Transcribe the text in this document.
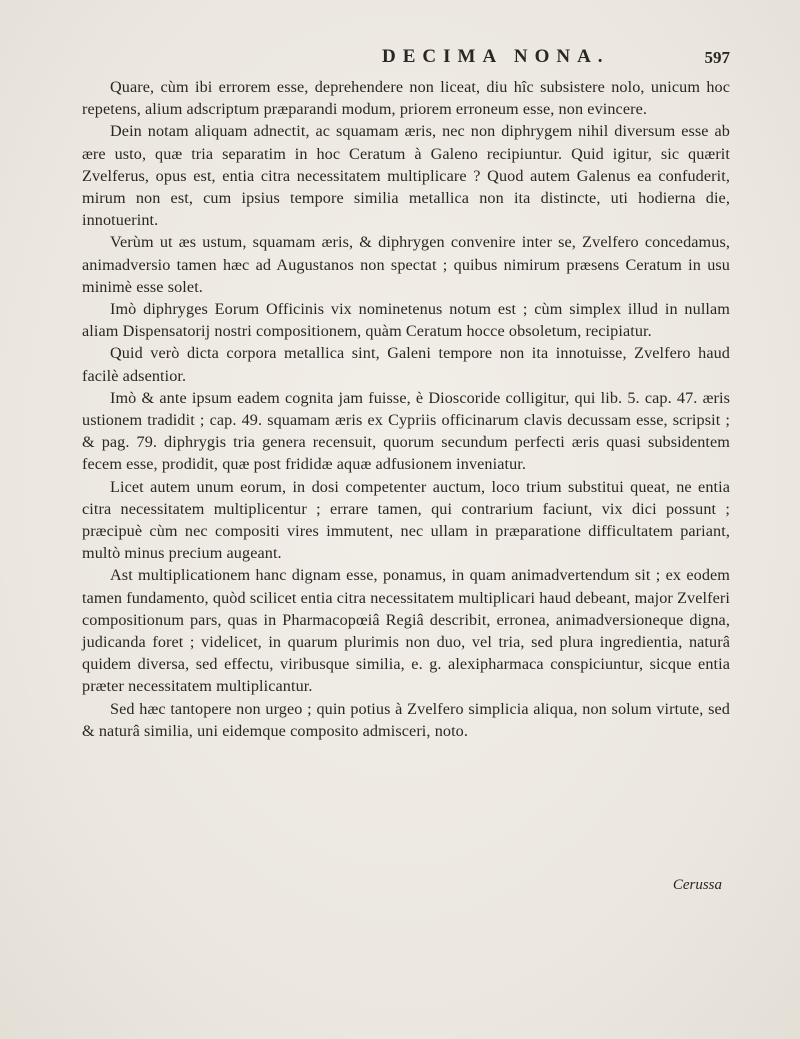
DECIMA NONA.	597

Quare, cùm ibi errorem esse, deprehendere non liceat, diu hîc subsistere nolo, unicum hoc repetens, alium adscriptum præparandi modum, priorem erroneum esse, non evincere.

Dein notam aliquam adnectit, ac squamam æris, nec non diphrygem nihil diversum esse ab ære usto, quæ tria separatim in hoc Ceratum à Galeno recipiuntur. Quid igitur, sic quærit Zvelferus, opus est, entia citra necessitatem multiplicare ? Quod autem Galenus ea confuderit, mirum non est, cum ipsius tempore similia metallica non ita distincte, uti hodierna die, innotuerint.

Verùm ut æs ustum, squamam æris, & diphrygen convenire inter se, Zvelfero concedamus, animadversio tamen hæc ad Augustanos non spectat ; quibus nimirum præsens Ceratum in usu minimè esse solet.

Imò diphryges Eorum Officinis vix nominetenus notum est ; cùm simplex illud in nullam aliam Dispensatorij nostri compositionem, quàm Ceratum hocce obsoletum, recipiatur.

Quid verò dicta corpora metallica sint, Galeni tempore non ita innotuisse, Zvelfero haud facilè adsentior.

Imò & ante ipsum eadem cognita jam fuisse, è Dioscoride colligitur, qui lib. 5. cap. 47. æris ustionem tradidit ; cap. 49. squamam æris ex Cypriis officinarum clavis decussam esse, scripsit ; & pag. 79. diphrygis tria genera recensuit, quorum secundum perfecti æris quasi subsidentem fecem esse, prodidit, quæ post frididæ aquæ adfusionem inveniatur.

Licet autem unum eorum, in dosi competenter auctum, loco trium substitui queat, ne entia citra necessitatem multiplicentur ; errare tamen, qui contrarium faciunt, vix dici possunt ; præcipuè cùm nec compositi vires immutent, nec ullam in præparatione difficultatem pariant, multò minus precium augeant.

Ast multiplicationem hanc dignam esse, ponamus, in quam animadvertendum sit ; ex eodem tamen fundamento, quòd scilicet entia citra necessitatem multiplicari haud debeant, major Zvelferi compositionum pars, quas in Pharmacopœiâ Regiâ describit, erronea, animadversioneque digna, judicanda foret ; videlicet, in quarum plurimis non duo, vel tria, sed plura ingredientia, naturâ quidem diversa, sed effectu, viribusque similia, e. g. alexipharmaca conspiciuntur, sicque entia præter necessitatem multiplicantur.

Sed hæc tantopere non urgeo ; quin potius à Zvelfero simplicia aliqua, non solum virtute, sed & naturâ similia, uni eidemque composito admisceri, noto.

Cerussa
